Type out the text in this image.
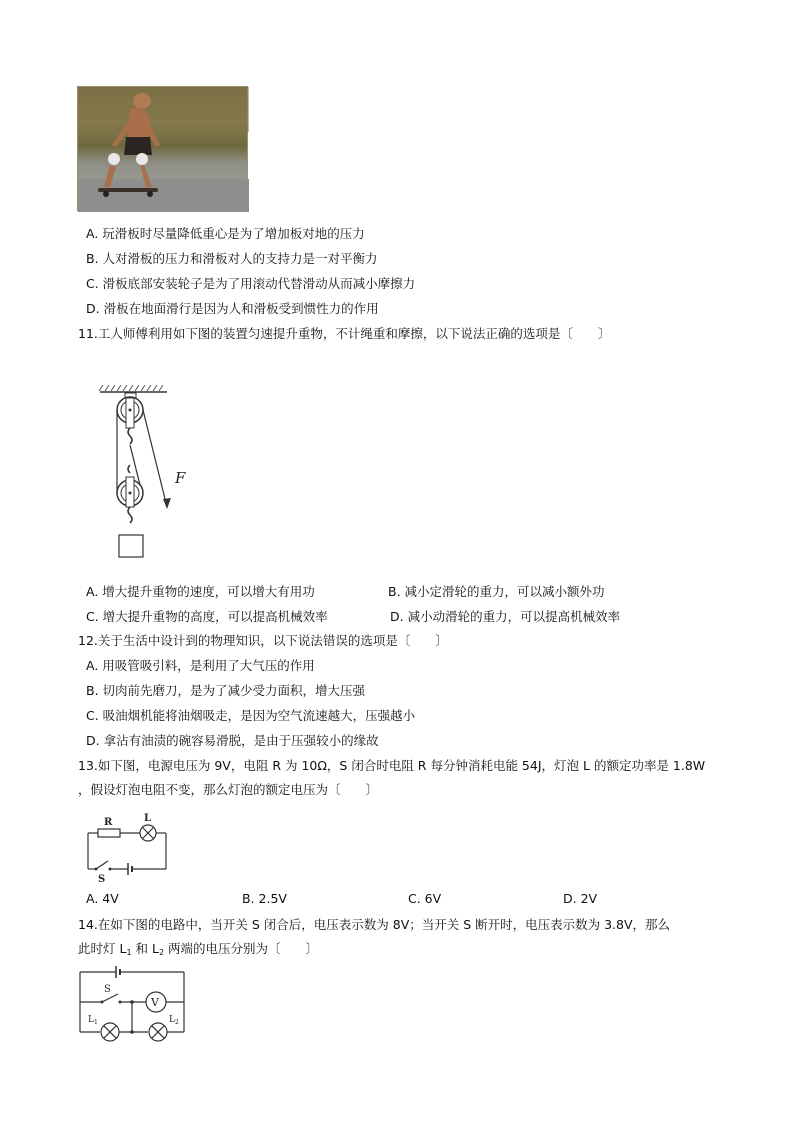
A. 玩滑板时尽量降低重心是为了增加板对地的压力
B. 人对滑板的压力和滑板对人的支持力是一对平衡力
C. 滑板底部安装轮子是为了用滚动代替滑动从而减小摩擦力
D. 滑板在地面滑行是因为人和滑板受到惯性力的作用
11.工人师傅利用如下图的装置匀速提升重物，不计绳重和摩擦，以下说法正确的选项是〔　　〕
F
A. 增大提升重物的速度，可以增大有用功	B. 减小定滑轮的重力，可以减小额外功
C. 增大提升重物的高度，可以提高机械效率	D. 减小动滑轮的重力，可以提高机械效率
12.关于生活中设计到的物理知识，以下说法错误的选项是〔　　〕
A. 用吸管吸引料，是利用了大气压的作用
B. 切肉前先磨刀，是为了减少受力面积，增大压强
C. 吸油烟机能将油烟吸走，是因为空气流速越大，压强越小
D. 拿沾有油渍的碗容易滑脱，是由于压强较小的缘故
13.如下图，电源电压为 9V，电阻 R 为 10Ω，S 闭合时电阻 R 每分钟消耗电能 54J，灯泡 L 的额定功率是 1.8W
，假设灯泡电阻不变，那么灯泡的额定电压为〔　　〕
R	L
S
A. 4V	B. 2.5V	C. 6V	D. 2V
14.在如下图的电路中，当开关 S 闭合后，电压表示数为 8V；当开关 S 断开时，电压表示数为 3.8V，那么
此时灯 $L_1$ 和 $L_2$ 两端的电压分别为〔　　〕
S
V
$L_1$	$L_2$
